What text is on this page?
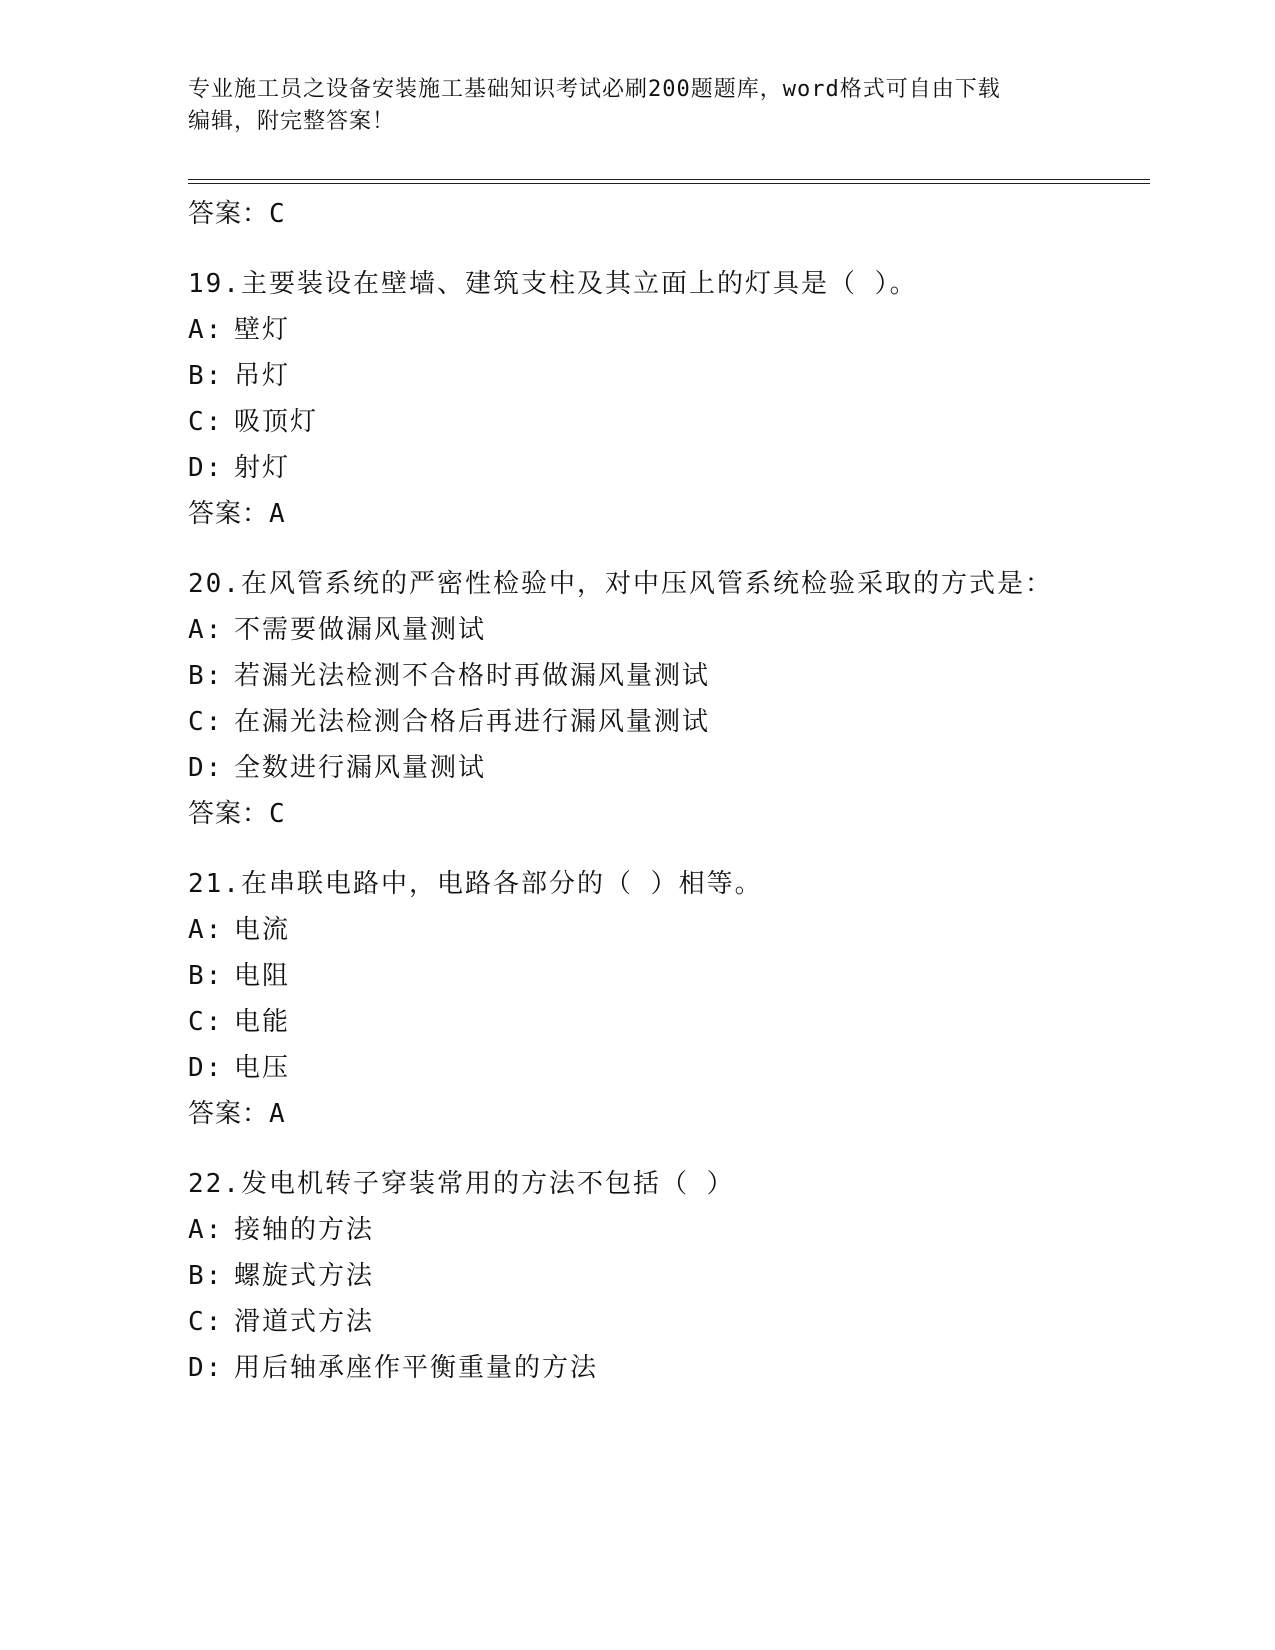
专业施工员之设备安装施工基础知识考试必刷200题题库，word格式可自由下载
编辑，附完整答案！

答案：C

19.主要装设在壁墙、建筑支柱及其立面上的灯具是（ ）。

A: 壁灯

B: 吊灯

C: 吸顶灯

D: 射灯

答案：A

20.在风管系统的严密性检验中，对中压风管系统检验采取的方式是：

A: 不需要做漏风量测试

B: 若漏光法检测不合格时再做漏风量测试

C: 在漏光法检测合格后再进行漏风量测试

D: 全数进行漏风量测试

答案：C

21.在串联电路中，电路各部分的（ ）相等。

A: 电流

B: 电阻

C: 电能

D: 电压

答案：A

22.发电机转子穿装常用的方法不包括（ ）

A: 接轴的方法

B: 螺旋式方法

C: 滑道式方法

D: 用后轴承座作平衡重量的方法
